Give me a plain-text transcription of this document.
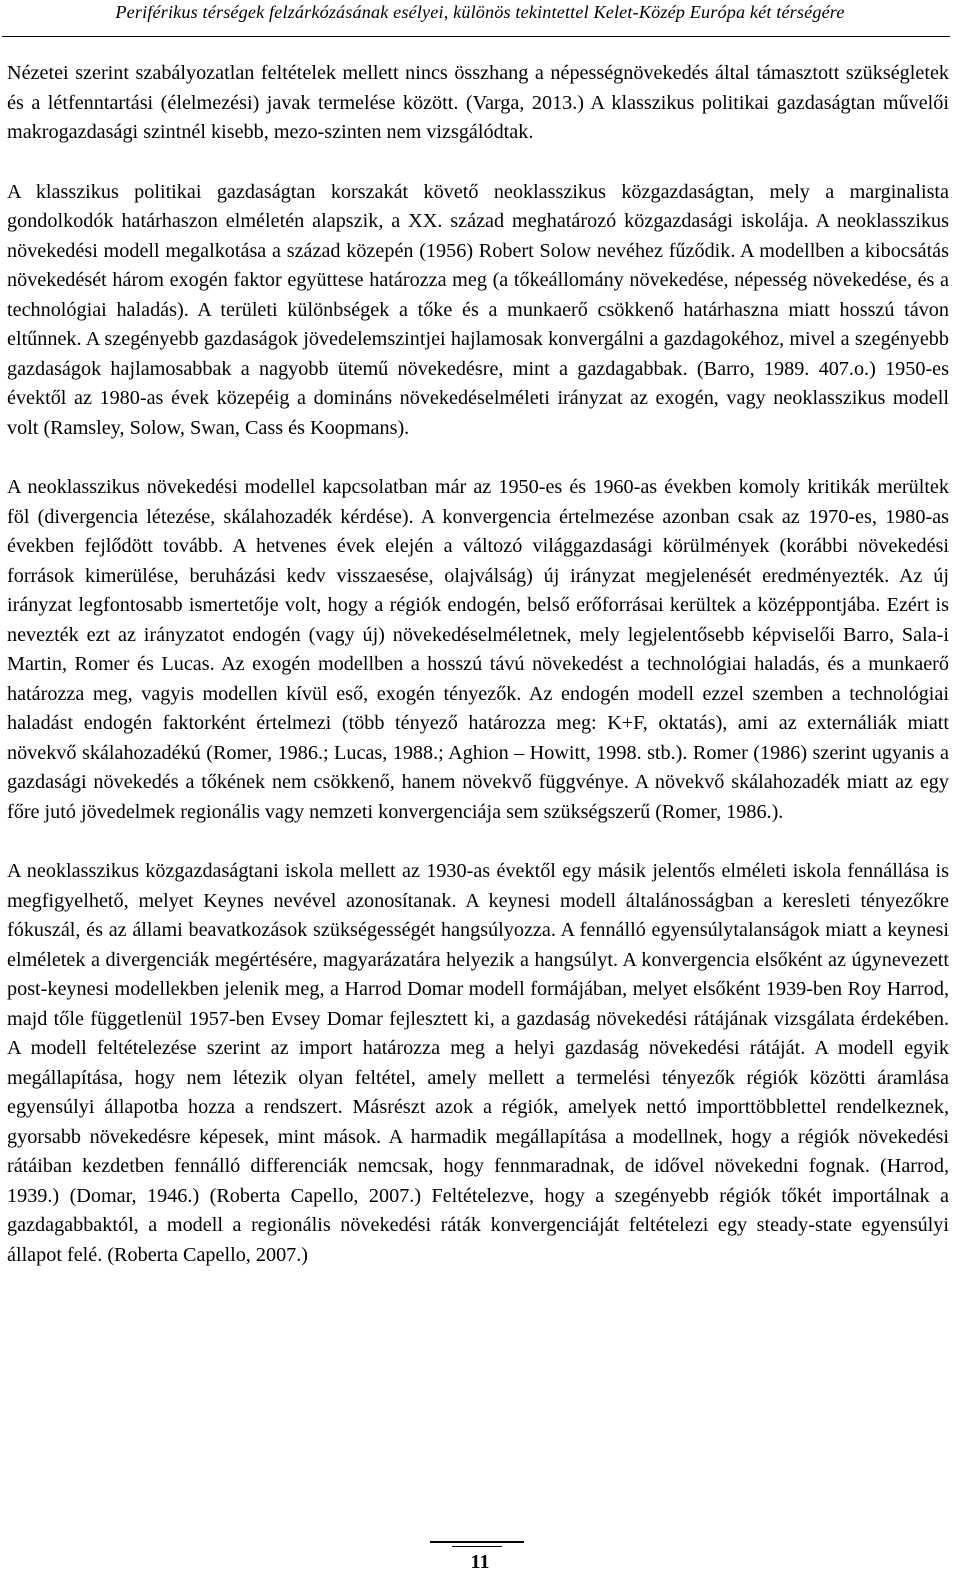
Periférikus térségek felzárkózásának esélyei, különös tekintettel Kelet-Közép Európa két térségére

Nézetei szerint szabályozatlan feltételek mellett nincs összhang a népességnövekedés által támasztott szükségletek és a létfenntartási (élelmezési) javak termelése között. (Varga, 2013.) A klasszikus politikai gazdaságtan művelői makrogazdasági szintnél kisebb, mezo-szinten nem vizsgálódtak.

A klasszikus politikai gazdaságtan korszakát követő neoklasszikus közgazdaságtan, mely a marginalista gondolkodók határhaszon elméletén alapszik, a XX. század meghatározó közgazdasági iskolája. A neoklasszikus növekedési modell megalkotása a század közepén (1956) Robert Solow nevéhez fűződik. A modellben a kibocsátás növekedését három exogén faktor együttese határozza meg (a tőkeállomány növekedése, népesség növekedése, és a technológiai haladás). A területi különbségek a tőke és a munkaerő csökkenő határhaszna miatt hosszú távon eltűnnek. A szegényebb gazdaságok jövedelemszintjei hajlamosak konvergálni a gazdagokéhoz, mivel a szegényebb gazdaságok hajlamosabbak a nagyobb ütemű növekedésre, mint a gazdagabbak. (Barro, 1989. 407.o.) 1950-es évektől az 1980-as évek közepéig a domináns növekedéselméleti irányzat az exogén, vagy neoklasszikus modell volt (Ramsley, Solow, Swan, Cass és Koopmans).

A neoklasszikus növekedési modellel kapcsolatban már az 1950-es és 1960-as években komoly kritikák merültek föl (divergencia létezése, skálahozadék kérdése). A konvergencia értelmezése azonban csak az 1970-es, 1980-as években fejlődött tovább. A hetvenes évek elején a változó világgazdasági körülmények (korábbi növekedési források kimerülése, beruházási kedv visszaesése, olajválság) új irányzat megjelenését eredményezték. Az új irányzat legfontosabb ismertetője volt, hogy a régiók endogén, belső erőforrásai kerültek a középpontjába. Ezért is nevezték ezt az irányzatot endogén (vagy új) növekedéselméletnek, mely legjelentősebb képviselői Barro, Sala-i Martin, Romer és Lucas. Az exogén modellben a hosszú távú növekedést a technológiai haladás, és a munkaerő határozza meg, vagyis modellen kívül eső, exogén tényezők. Az endogén modell ezzel szemben a technológiai haladást endogén faktorként értelmezi (több tényező határozza meg: K+F, oktatás), ami az externáliák miatt növekvő skálahozadékú (Romer, 1986.; Lucas, 1988.; Aghion – Howitt, 1998. stb.). Romer (1986) szerint ugyanis a gazdasági növekedés a tőkének nem csökkenő, hanem növekvő függvénye. A növekvő skálahozadék miatt az egy főre jutó jövedelmek regionális vagy nemzeti konvergenciája sem szükségszerű (Romer, 1986.).

A neoklasszikus közgazdaságtani iskola mellett az 1930-as évektől egy másik jelentős elméleti iskola fennállása is megfigyelhető, melyet Keynes nevével azonosítanak. A keynesi modell általánosságban a keresleti tényezőkre fókuszál, és az állami beavatkozások szükségességét hangsúlyozza. A fennálló egyensúlytalanságok miatt a keynesi elméletek a divergenciák megértésére, magyarázatára helyezik a hangsúlyt. A konvergencia elsőként az úgynevezett post-keynesi modellekben jelenik meg, a Harrod Domar modell formájában, melyet elsőként 1939-ben Roy Harrod, majd tőle függetlenül 1957-ben Evsey Domar fejlesztett ki, a gazdaság növekedési rátájának vizsgálata érdekében. A modell feltételezése szerint az import határozza meg a helyi gazdaság növekedési rátáját. A modell egyik megállapítása, hogy nem létezik olyan feltétel, amely mellett a termelési tényezők régiók közötti áramlása egyensúlyi állapotba hozza a rendszert. Másrészt azok a régiók, amelyek nettó importtöbblettel rendelkeznek, gyorsabb növekedésre képesek, mint mások. A harmadik megállapítása a modellnek, hogy a régiók növekedési rátáiban kezdetben fennálló differenciák nemcsak, hogy fennmaradnak, de idővel növekedni fognak. (Harrod, 1939.) (Domar, 1946.) (Roberta Capello, 2007.) Feltételezve, hogy a szegényebb régiók tőkét importálnak a gazdagabbaktól, a modell a regionális növekedési ráták konvergenciáját feltételezi egy steady-state egyensúlyi állapot felé. (Roberta Capello, 2007.)

11
